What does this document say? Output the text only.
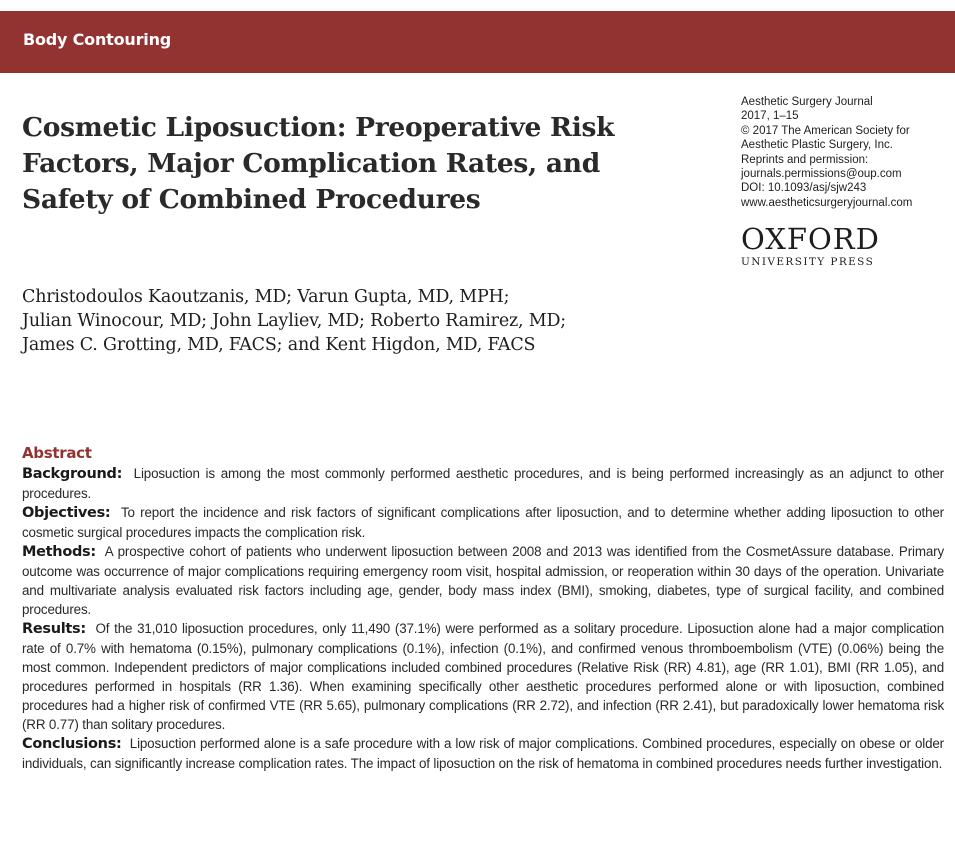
Body Contouring
Cosmetic Liposuction: Preoperative Risk
Factors, Major Complication Rates, and
Safety of Combined Procedures
Aesthetic Surgery Journal
2017, 1–15
© 2017 The American Society for
Aesthetic Plastic Surgery, Inc.
Reprints and permission:
journals.permissions@oup.com
DOI: 10.1093/asj/sjw243
www.aestheticsurgeryjournal.com
OXFORD
UNIVERSITY PRESS
Christodoulos Kaoutzanis, MD; Varun Gupta, MD, MPH;
Julian Winocour, MD; John Layliev, MD; Roberto Ramirez, MD;
James C. Grotting, MD, FACS; and Kent Higdon, MD, FACS
Abstract

Background: Liposuction is among the most commonly performed aesthetic procedures, and is being performed increasingly as an adjunct to other procedures.

Objectives: To report the incidence and risk factors of significant complications after liposuction, and to determine whether adding liposuction to other cosmetic surgical procedures impacts the complication risk.

Methods: A prospective cohort of patients who underwent liposuction between 2008 and 2013 was identified from the CosmetAssure database. Primary outcome was occurrence of major complications requiring emergency room visit, hospital admission, or reoperation within 30 days of the operation. Univariate and multivariate analysis evaluated risk factors including age, gender, body mass index (BMI), smoking, diabetes, type of surgical facility, and combined procedures.

Results: Of the 31,010 liposuction procedures, only 11,490 (37.1%) were performed as a solitary procedure. Liposuction alone had a major complication rate of 0.7% with hematoma (0.15%), pulmonary complications (0.1%), infection (0.1%), and confirmed venous thromboembolism (VTE) (0.06%) being the most common. Independent predictors of major complications included combined procedures (Relative Risk (RR) 4.81), age (RR 1.01), BMI (RR 1.05), and procedures performed in hospitals (RR 1.36). When examining specifically other aesthetic procedures performed alone or with liposuction, combined procedures had a higher risk of confirmed VTE (RR 5.65), pulmonary complications (RR 2.72), and infection (RR 2.41), but paradoxically lower hematoma risk (RR 0.77) than solitary procedures.

Conclusions: Liposuction performed alone is a safe procedure with a low risk of major complications. Combined procedures, especially on obese or older individuals, can significantly increase complication rates. The impact of liposuction on the risk of hematoma in combined procedures needs further investigation.
